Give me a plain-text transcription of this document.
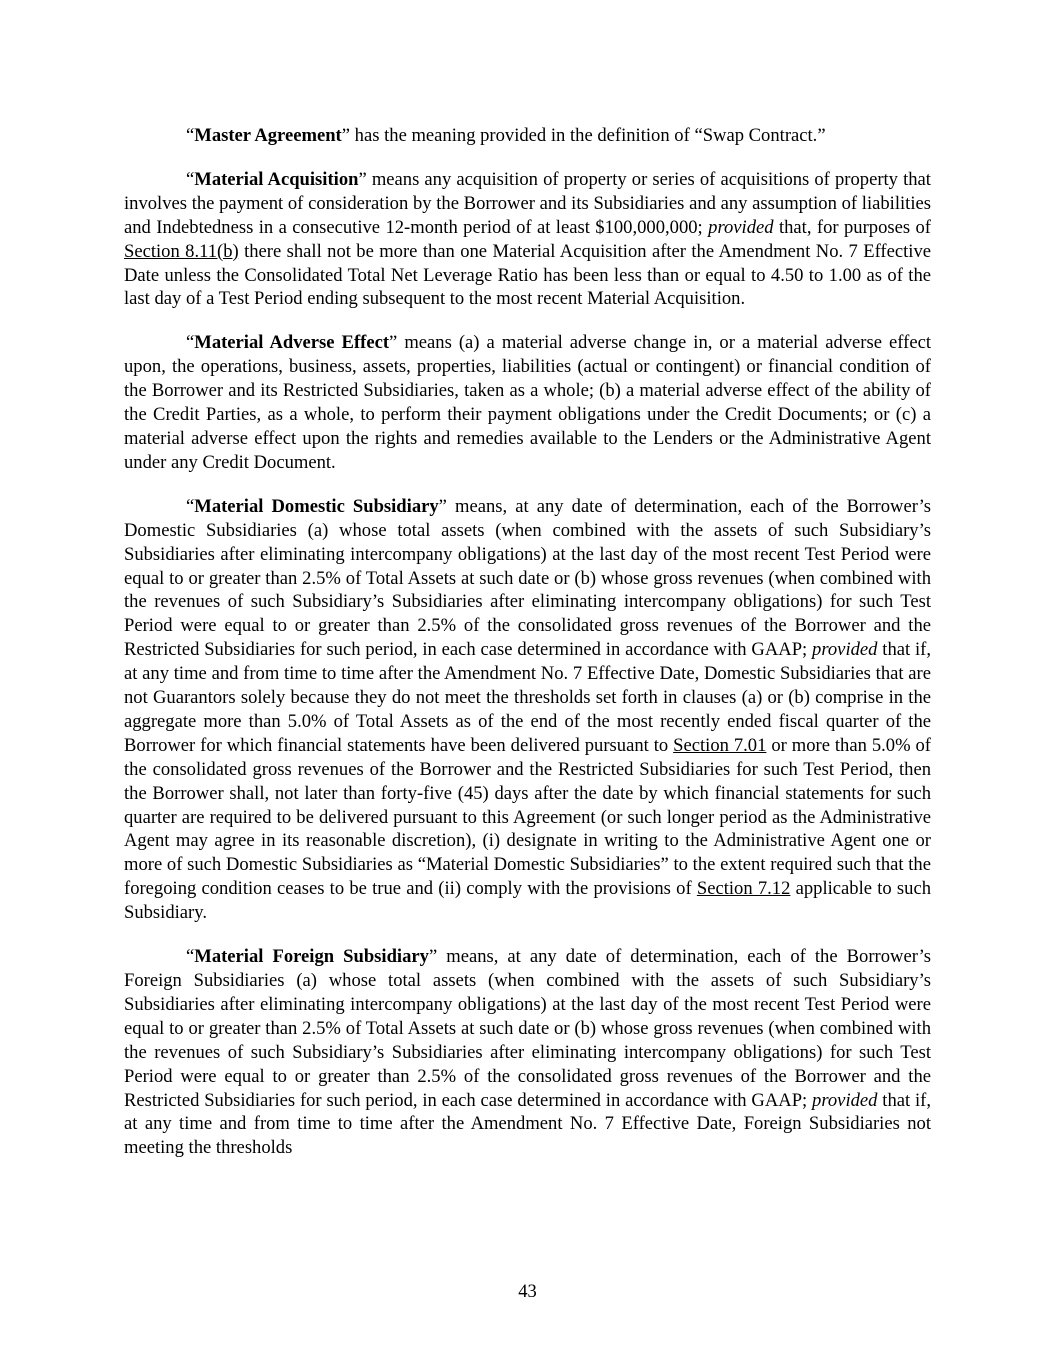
“Master Agreement” has the meaning provided in the definition of “Swap Contract.”

“Material Acquisition” means any acquisition of property or series of acquisitions of property that involves the payment of consideration by the Borrower and its Subsidiaries and any assumption of liabilities and Indebtedness in a consecutive 12-month period of at least $100,000,000; provided that, for purposes of Section 8.11(b) there shall not be more than one Material Acquisition after the Amendment No. 7 Effective Date unless the Consolidated Total Net Leverage Ratio has been less than or equal to 4.50 to 1.00 as of the last day of a Test Period ending subsequent to the most recent Material Acquisition.

“Material Adverse Effect” means (a) a material adverse change in, or a material adverse effect upon, the operations, business, assets, properties, liabilities (actual or contingent) or financial condition of the Borrower and its Restricted Subsidiaries, taken as a whole; (b) a material adverse effect of the ability of the Credit Parties, as a whole, to perform their payment obligations under the Credit Documents; or (c) a material adverse effect upon the rights and remedies available to the Lenders or the Administrative Agent under any Credit Document.

“Material Domestic Subsidiary” means, at any date of determination, each of the Borrower’s Domestic Subsidiaries (a) whose total assets (when combined with the assets of such Subsidiary’s Subsidiaries after eliminating intercompany obligations) at the last day of the most recent Test Period were equal to or greater than 2.5% of Total Assets at such date or (b) whose gross revenues (when combined with the revenues of such Subsidiary’s Subsidiaries after eliminating intercompany obligations) for such Test Period were equal to or greater than 2.5% of the consolidated gross revenues of the Borrower and the Restricted Subsidiaries for such period, in each case determined in accordance with GAAP; provided that if, at any time and from time to time after the Amendment No. 7 Effective Date, Domestic Subsidiaries that are not Guarantors solely because they do not meet the thresholds set forth in clauses (a) or (b) comprise in the aggregate more than 5.0% of Total Assets as of the end of the most recently ended fiscal quarter of the Borrower for which financial statements have been delivered pursuant to Section 7.01 or more than 5.0% of the consolidated gross revenues of the Borrower and the Restricted Subsidiaries for such Test Period, then the Borrower shall, not later than forty-five (45) days after the date by which financial statements for such quarter are required to be delivered pursuant to this Agreement (or such longer period as the Administrative Agent may agree in its reasonable discretion), (i) designate in writing to the Administrative Agent one or more of such Domestic Subsidiaries as “Material Domestic Subsidiaries” to the extent required such that the foregoing condition ceases to be true and (ii) comply with the provisions of Section 7.12 applicable to such Subsidiary.

“Material Foreign Subsidiary” means, at any date of determination, each of the Borrower’s Foreign Subsidiaries (a) whose total assets (when combined with the assets of such Subsidiary’s Subsidiaries after eliminating intercompany obligations) at the last day of the most recent Test Period were equal to or greater than 2.5% of Total Assets at such date or (b) whose gross revenues (when combined with the revenues of such Subsidiary’s Subsidiaries after eliminating intercompany obligations) for such Test Period were equal to or greater than 2.5% of the consolidated gross revenues of the Borrower and the Restricted Subsidiaries for such period, in each case determined in accordance with GAAP; provided that if, at any time and from time to time after the Amendment No. 7 Effective Date, Foreign Subsidiaries not meeting the thresholds

43
